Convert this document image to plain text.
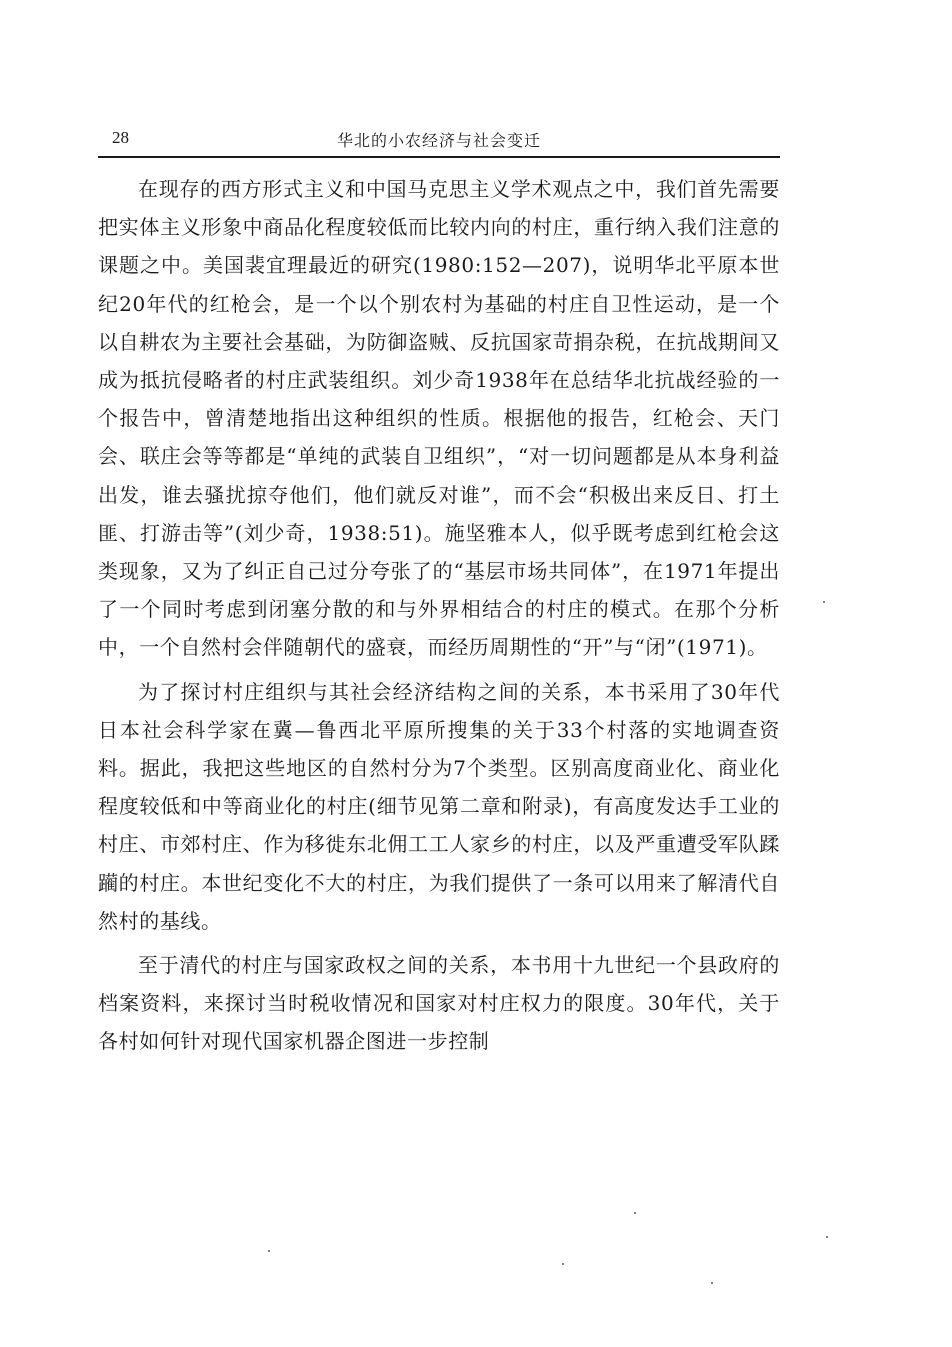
28	华北的小农经济与社会变迁

在现存的西方形式主义和中国马克思主义学术观点之中，我们首先需要把实体主义形象中商品化程度较低而比较内向的村庄，重行纳入我们注意的课题之中。美国裴宜理最近的研究(1980:152—207)，说明华北平原本世纪20年代的红枪会，是一个以个别农村为基础的村庄自卫性运动，是一个以自耕农为主要社会基础，为防御盗贼、反抗国家苛捐杂税，在抗战期间又成为抵抗侵略者的村庄武装组织。刘少奇1938年在总结华北抗战经验的一个报告中，曾清楚地指出这种组织的性质。根据他的报告，红枪会、天门会、联庄会等等都是“单纯的武装自卫组织”，“对一切问题都是从本身利益出发，谁去骚扰掠夺他们，他们就反对谁”，而不会“积极出来反日、打土匪、打游击等”(刘少奇，1938:51)。施坚雅本人，似乎既考虑到红枪会这类现象，又为了纠正自己过分夸张了的“基层市场共同体”，在1971年提出了一个同时考虑到闭塞分散的和与外界相结合的村庄的模式。在那个分析中，一个自然村会伴随朝代的盛衰，而经历周期性的“开”与“闭”(1971)。

为了探讨村庄组织与其社会经济结构之间的关系，本书采用了30年代日本社会科学家在冀—鲁西北平原所搜集的关于33个村落的实地调查资料。据此，我把这些地区的自然村分为7个类型。区别高度商业化、商业化程度较低和中等商业化的村庄(细节见第二章和附录)，有高度发达手工业的村庄、市郊村庄、作为移徙东北佣工工人家乡的村庄，以及严重遭受军队蹂躏的村庄。本世纪变化不大的村庄，为我们提供了一条可以用来了解清代自然村的基线。

至于清代的村庄与国家政权之间的关系，本书用十九世纪一个县政府的档案资料，来探讨当时税收情况和国家对村庄权力的限度。30年代，关于各村如何针对现代国家机器企图进一步控制
